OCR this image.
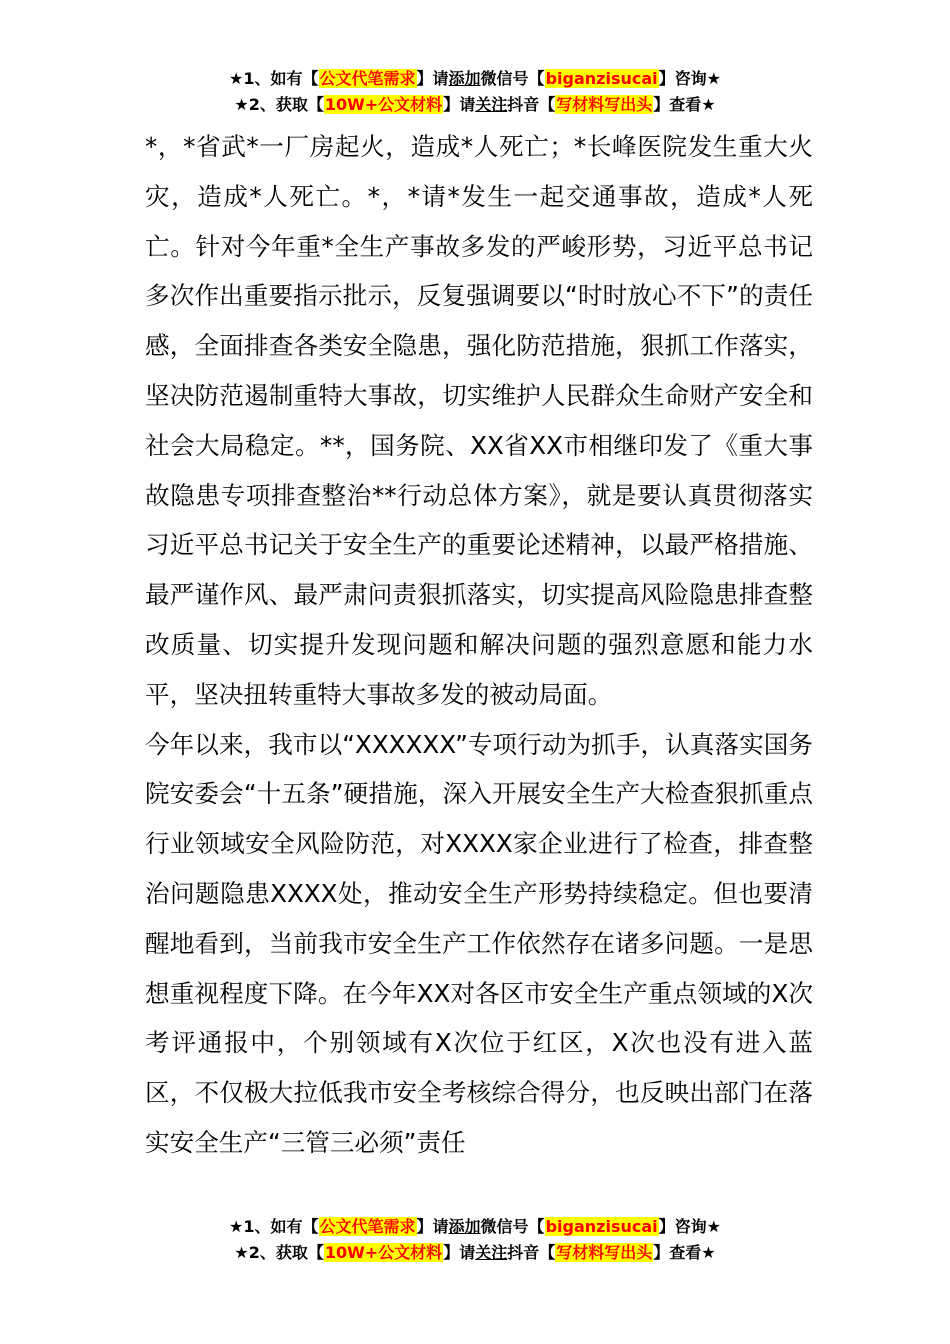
★1、如有【公文代笔需求】请添加微信号【biganzisucai】咨询★
★2、获取【10W+公文材料】请关注抖音【写材料写出头】查看★

*，*省武*一厂房起火，造成*人死亡；*长峰医院发生重大火灾，造成*人死亡。*，*请*发生一起交通事故，造成*人死亡。针对今年重*全生产事故多发的严峻形势，习近平总书记多次作出重要指示批示，反复强调要以“时时放心不下”的责任感，全面排查各类安全隐患，强化防范措施，狠抓工作落实，坚决防范遏制重特大事故，切实维护人民群众生命财产安全和社会大局稳定。**，国务院、XX省XX市相继印发了《重大事故隐患专项排查整治**行动总体方案》，就是要认真贯彻落实习近平总书记关于安全生产的重要论述精神，以最严格措施、最严谨作风、最严肃问责狠抓落实，切实提高风险隐患排查整改质量、切实提升发现问题和解决问题的强烈意愿和能力水平，坚决扭转重特大事故多发的被动局面。

今年以来，我市以“XXXXXX”专项行动为抓手，认真落实国务院安委会“十五条”硬措施，深入开展安全生产大检查狠抓重点行业领域安全风险防范，对XXXX家企业进行了检查，排查整治问题隐患XXXX处，推动安全生产形势持续稳定。但也要清醒地看到，当前我市安全生产工作依然存在诸多问题。一是思想重视程度下降。在今年XX对各区市安全生产重点领域的X次考评通报中，个别领域有X次位于红区，X次也没有进入蓝区，不仅极大拉低我市安全考核综合得分，也反映出部门在落实安全生产“三管三必须”责任

★1、如有【公文代笔需求】请添加微信号【biganzisucai】咨询★
★2、获取【10W+公文材料】请关注抖音【写材料写出头】查看★
